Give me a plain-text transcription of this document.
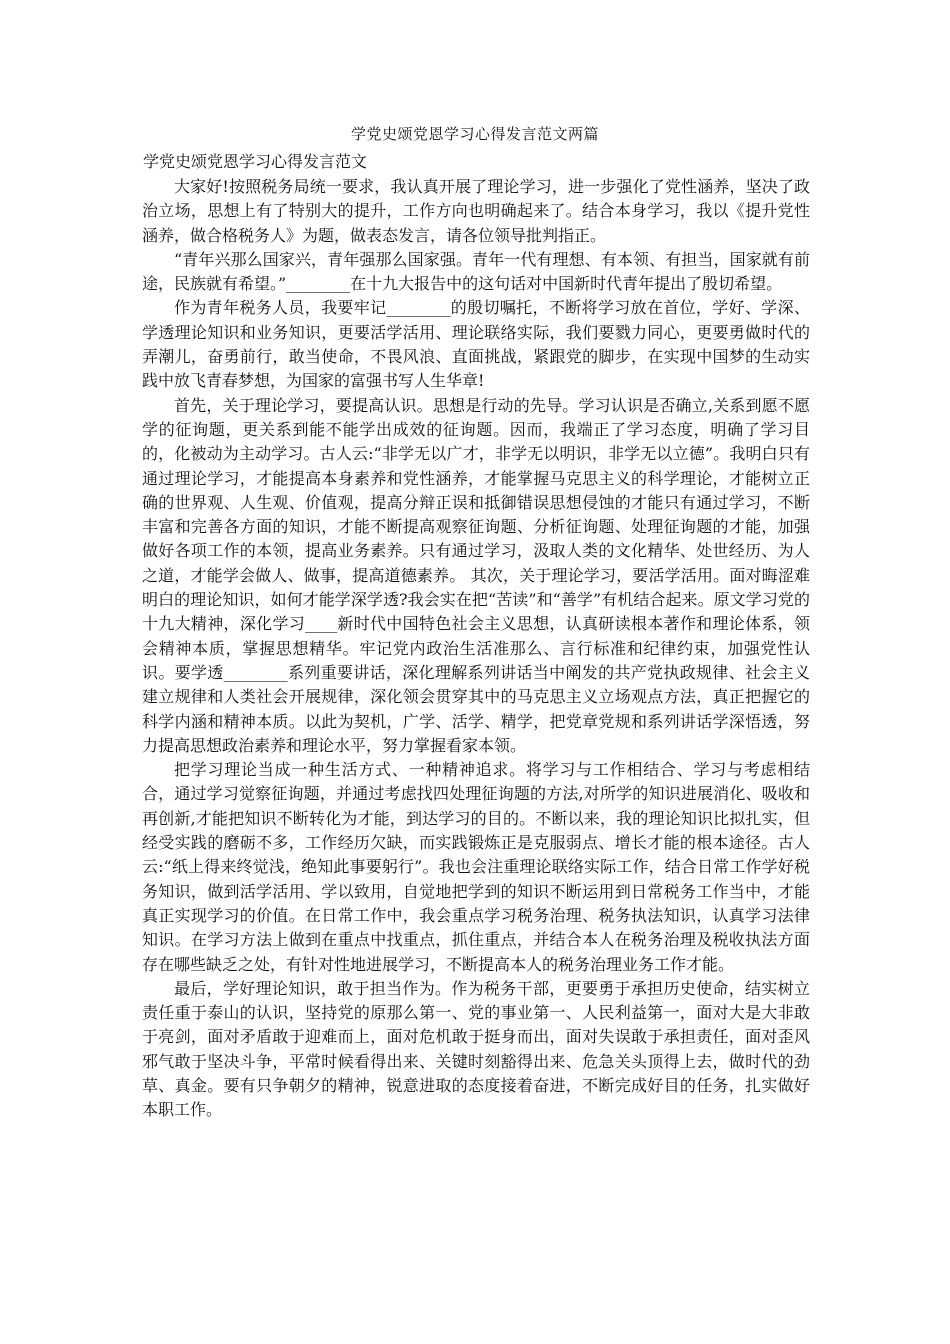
学党史颂党恩学习心得发言范文两篇
学党史颂党恩学习心得发言范文

大家好!按照税务局统一要求，我认真开展了理论学习，进一步强化了党性涵养，坚决了政治立场，思想上有了特别大的提升，工作方向也明确起来了。结合本身学习，我以《提升党性涵养，做合格税务人》为题，做表态发言，请各位领导批判指正。

“青年兴那么国家兴，青年强那么国家强。青年一代有理想、有本领、有担当，国家就有前途，民族就有希望。”________在十九大报告中的这句话对中国新时代青年提出了殷切希望。

作为青年税务人员，我要牢记________的殷切嘱托，不断将学习放在首位，学好、学深、学透理论知识和业务知识，更要活学活用、理论联络实际，我们要戮力同心，更要勇做时代的弄潮儿，奋勇前行，敢当使命，不畏风浪、直面挑战，紧跟党的脚步，在实现中国梦的生动实践中放飞青春梦想，为国家的富强书写人生华章!

首先，关于理论学习，要提高认识。思想是行动的先导。学习认识是否确立,关系到愿不愿学的征询题，更关系到能不能学出成效的征询题。因而，我端正了学习态度，明确了学习目的，化被动为主动学习。古人云:“非学无以广才，非学无以明识，非学无以立德”。我明白只有通过理论学习，才能提高本身素养和党性涵养，才能掌握马克思主义的科学理论，才能树立正确的世界观、人生观、价值观，提高分辩正误和抵御错误思想侵蚀的才能只有通过学习，不断丰富和完善各方面的知识，才能不断提高观察征询题、分析征询题、处理征询题的才能，加强做好各项工作的本领，提高业务素养。只有通过学习，汲取人类的文化精华、处世经历、为人之道，才能学会做人、做事，提高道德素养。 其次，关于理论学习，要活学活用。面对晦涩难明白的理论知识，如何才能学深学透?我会实在把“苦读”和“善学”有机结合起来。原文学习党的十九大精神，深化学习____新时代中国特色社会主义思想，认真研读根本著作和理论体系，领会精神本质，掌握思想精华。牢记党内政治生活准那么、言行标准和纪律约束，加强党性认识。要学透________系列重要讲话，深化理解系列讲话当中阐发的共产党执政规律、社会主义建立规律和人类社会开展规律，深化领会贯穿其中的马克思主义立场观点方法，真正把握它的科学内涵和精神本质。以此为契机，广学、活学、精学，把党章党规和系列讲话学深悟透，努力提高思想政治素养和理论水平，努力掌握看家本领。

把学习理论当成一种生活方式、一种精神追求。将学习与工作相结合、学习与考虑相结合，通过学习觉察征询题，并通过考虑找四处理征询题的方法,对所学的知识进展消化、吸收和再创新,才能把知识不断转化为才能，到达学习的目的。不断以来，我的理论知识比拟扎实，但经受实践的磨砺不多，工作经历欠缺，而实践锻炼正是克服弱点、增长才能的根本途径。古人云:“纸上得来终觉浅，绝知此事要躬行”。我也会注重理论联络实际工作，结合日常工作学好税务知识，做到活学活用、学以致用，自觉地把学到的知识不断运用到日常税务工作当中，才能真正实现学习的价值。在日常工作中，我会重点学习税务治理、税务执法知识，认真学习法律知识。在学习方法上做到在重点中找重点，抓住重点，并结合本人在税务治理及税收执法方面存在哪些缺乏之处，有针对性地进展学习，不断提高本人的税务治理业务工作才能。

最后，学好理论知识，敢于担当作为。作为税务干部，更要勇于承担历史使命，结实树立责任重于泰山的认识，坚持党的原那么第一、党的事业第一、人民利益第一，面对大是大非敢于亮剑，面对矛盾敢于迎难而上，面对危机敢于挺身而出，面对失误敢于承担责任，面对歪风邪气敢于坚决斗争，平常时候看得出来、关键时刻豁得出来、危急关头顶得上去，做时代的劲草、真金。要有只争朝夕的精神，锐意进取的态度接着奋进，不断完成好目的任务，扎实做好本职工作。
